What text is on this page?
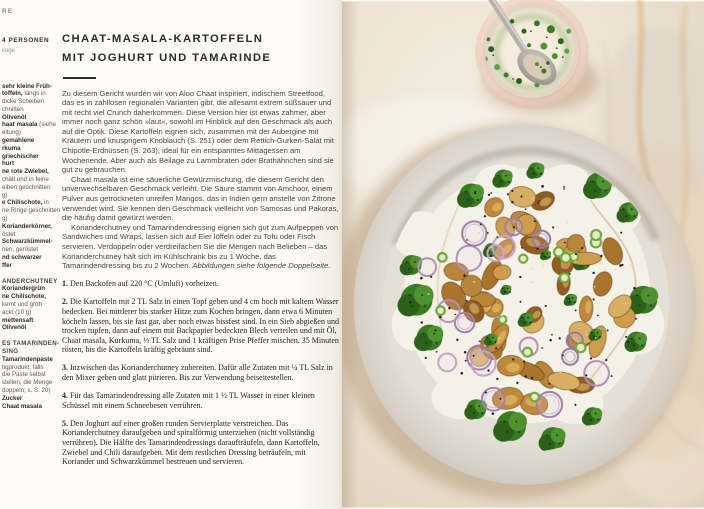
RE
4 PERSONEN
ilage
sehr kleine Früh-
toffeln, längs in
dicke Scheiben
chnitten
Olivenöl
haat masala (siehe
eitung)
gemahlene
rkuma
griechischer
hurt
ne rote Zwiebel,
chält und in feine
eiben geschnitten
g)
e Chilischote, in
ne Ringe geschnitten
g)
Korianderkörner,
östet
Schwarzkümmel-
nen, geröstet
nd schwarzer
ffer
ANDERCHUTNEY
Koriandergrün
ne Chilischote,
kernt und grob
ackt (10 g)
mettensaft
Olivenöl
ES TAMARINDEN-
SING
Tamarindenpaste
tigprodukt; falls
die Paste selbst
stellen, die Menge
doppeln; s. S. 20)
Zucker
Chaat masala
CHAAT-MASALA-KARTOFFELN
MIT JOGHURT UND TAMARINDE

Zu diesem Gericht wurden wir von Aloo Chaat inspiriert, indischem Streetfood, das es in zahllosen regionalen Varianten gibt, die allesamt extrem süßsauer und mit recht viel Crunch daherkommen. Diese Version hier ist etwas zahmer, aber immer noch ganz schön »laut«, sowohl im Hinblick auf den Geschmack als auch auf die Optik. Diese Kartoffeln eignen sich, zusammen mit der Aubergine mit Kräutern und knusprigem Knoblauch (S. 251) oder dem Rettich-Gurken-Salat mit Chipotle-Erdnüssen (S. 263), ideal für ein entspanntes Mittagessen am Wochenende. Aber auch als Beilage zu Lammbraten oder Brathähnchen sind sie gut zu gebrauchen.

Chaat masala ist eine säuerliche Gewürzmischung, die diesem Gericht den unverwechselbaren Geschmack verleiht. Die Säure stammt von Amchoor, einem Pulver aus getrockneten unreifen Mangos, das in Indien gern anstelle von Zitrone verwendet wird. Sie kennen den Geschmack vielleicht von Samosas und Pakoras, die häufig damit gewürzt werden.

Korianderchutney und Tamarindendressing eignen sich gut zum Aufpeppen von Sandwiches und Wraps, lassen sich auf Eier löffeln oder zu Tofu oder Fisch servieren. Verdoppeln oder verdreifachen Sie die Mengen nach Belieben – das Korianderchutney hält sich im Kühlschrank bis zu 1 Woche, das Tamarindendressing bis zu 2 Wochen. Abbildungen siehe folgende Doppelseite.

1. Den Backofen auf 220 °C (Umluft) vorheizen.

2. Die Kartoffeln mit 2 TL Salz in einen Topf geben und 4 cm hoch mit kaltem Wasser bedecken. Bei mittlerer bis starker Hitze zum Kochen bringen, dann etwa 6 Minuten köcheln lassen, bis sie fast gar, aber noch etwas bissfest sind. In ein Sieb abgießen und trocken tupfen, dann auf einem mit Backpapier bedeckten Blech verteilen und mit Öl, Chaat masala, Kurkuma, ⅓ TL Salz und 1 kräftigen Prise Pfeffer mischen. 35 Minuten rösten, bis die Kartoffeln kräftig gebräunt sind.

3. Inzwischen das Korianderchutney zubereiten. Dafür alle Zutaten mit ¼ TL Salz in den Mixer geben und glatt pürieren. Bis zur Verwendung beiseitestellen.

4. Für das Tamarindendressing alle Zutaten mit 1 ½ TL Wasser in einer kleinen Schüssel mit einem Schneebesen verrühren.

5. Den Joghurt auf einer großen runden Servierplatte verstreichen. Das Korianderchutney daraufgeben und spiralförmig unterziehen (nicht vollständig verrühren). Die Hälfte des Tamarindendressings daraufträufeln, dann Kartoffeln, Zwiebel und Chili daraufgeben. Mit dem restlichen Dressing beträufeln, mit Koriander und Schwarzkümmel bestreuen und servieren.
